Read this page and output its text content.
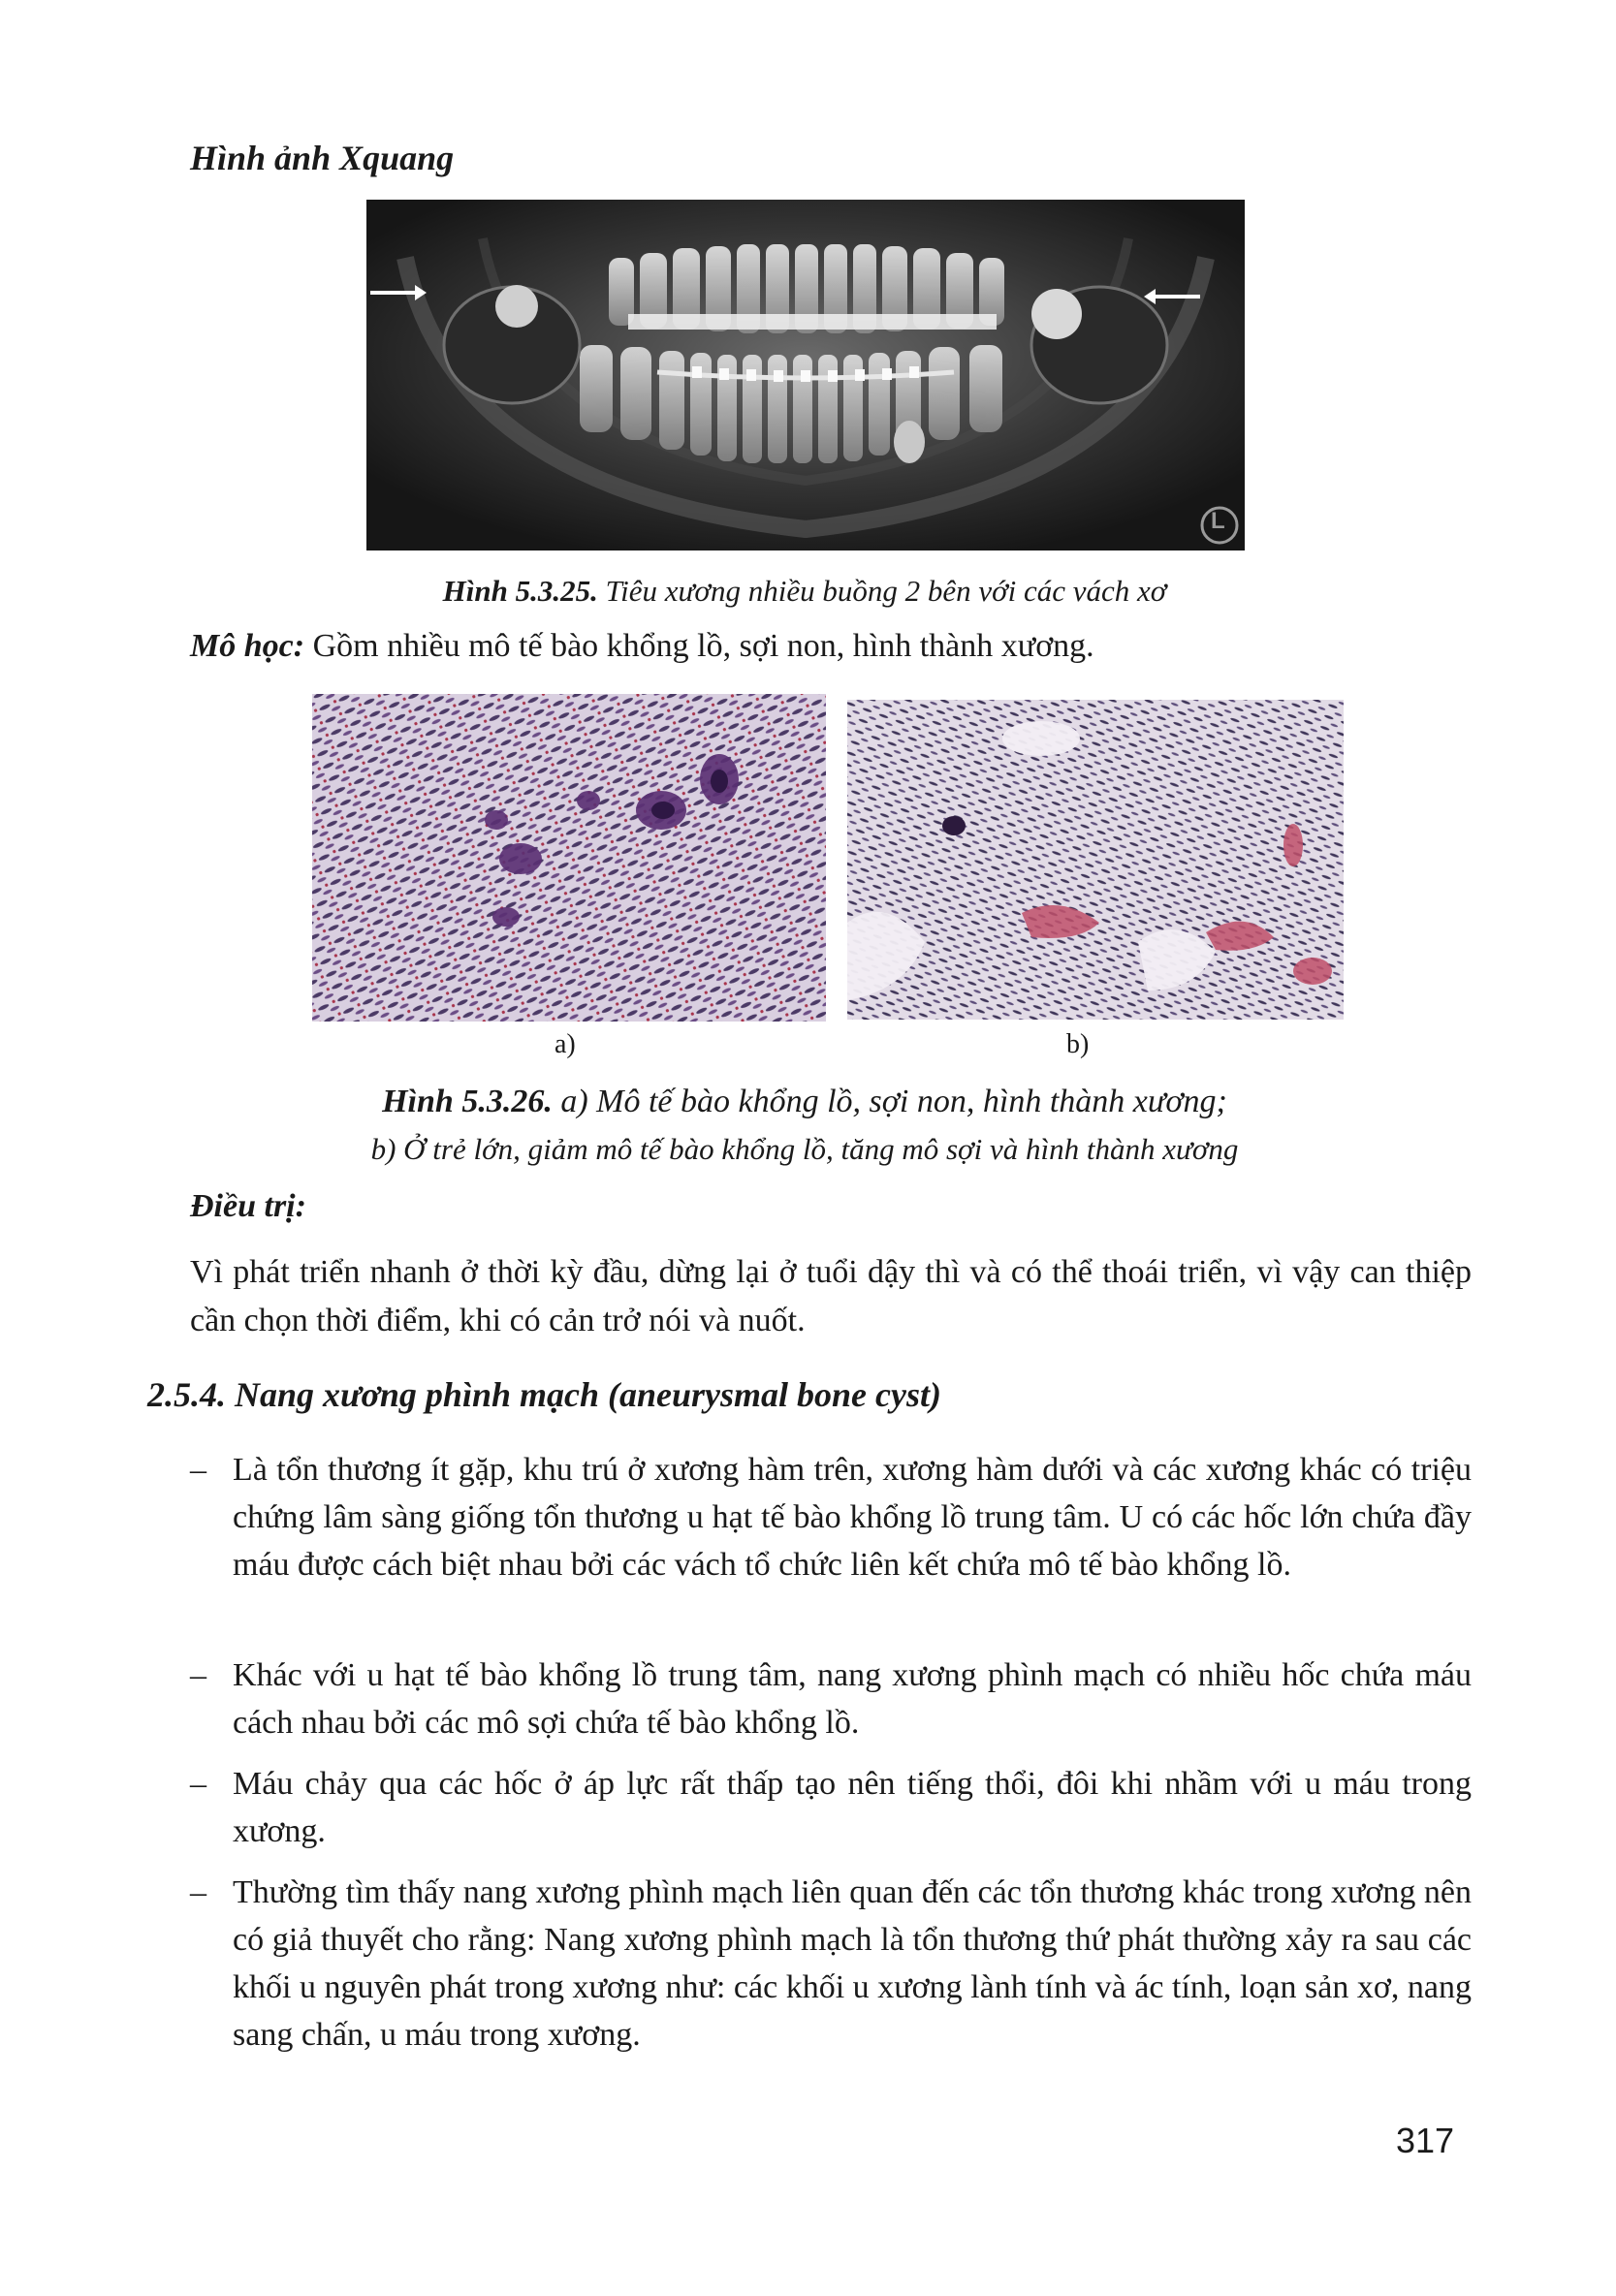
Hình ảnh Xquang
L
Hình 5.3.25. Tiêu xương nhiều buồng 2 bên với các vách xơ
Mô học: Gồm nhiều mô tế bào khổng lồ, sợi non, hình thành xương.
a)	b)
Hình 5.3.26. a) Mô tế bào khổng lồ, sợi non, hình thành xương;
b) Ở trẻ lớn, giảm mô tế bào khổng lồ, tăng mô sợi và hình thành xương
Điều trị:
Vì phát triển nhanh ở thời kỳ đầu, dừng lại ở tuổi dậy thì và có thể thoái triển, vì vậy can thiệp cần chọn thời điểm, khi có cản trở nói và nuốt.
2.5.4. Nang xương phình mạch (aneurysmal bone cyst)
– Là tổn thương ít gặp, khu trú ở xương hàm trên, xương hàm dưới và các xương khác có triệu chứng lâm sàng giống tổn thương u hạt tế bào khổng lồ trung tâm. U có các hốc lớn chứa đầy máu được cách biệt nhau bởi các vách tổ chức liên kết chứa mô tế bào khổng lồ.
– Khác với u hạt tế bào khổng lồ trung tâm, nang xương phình mạch có nhiều hốc chứa máu cách nhau bởi các mô sợi chứa tế bào khổng lồ.
– Máu chảy qua các hốc ở áp lực rất thấp tạo nên tiếng thổi, đôi khi nhầm với u máu trong xương.
– Thường tìm thấy nang xương phình mạch liên quan đến các tổn thương khác trong xương nên có giả thuyết cho rằng: Nang xương phình mạch là tổn thương thứ phát thường xảy ra sau các khối u nguyên phát trong xương như: các khối u xương lành tính và ác tính, loạn sản xơ, nang sang chấn, u máu trong xương.
317
